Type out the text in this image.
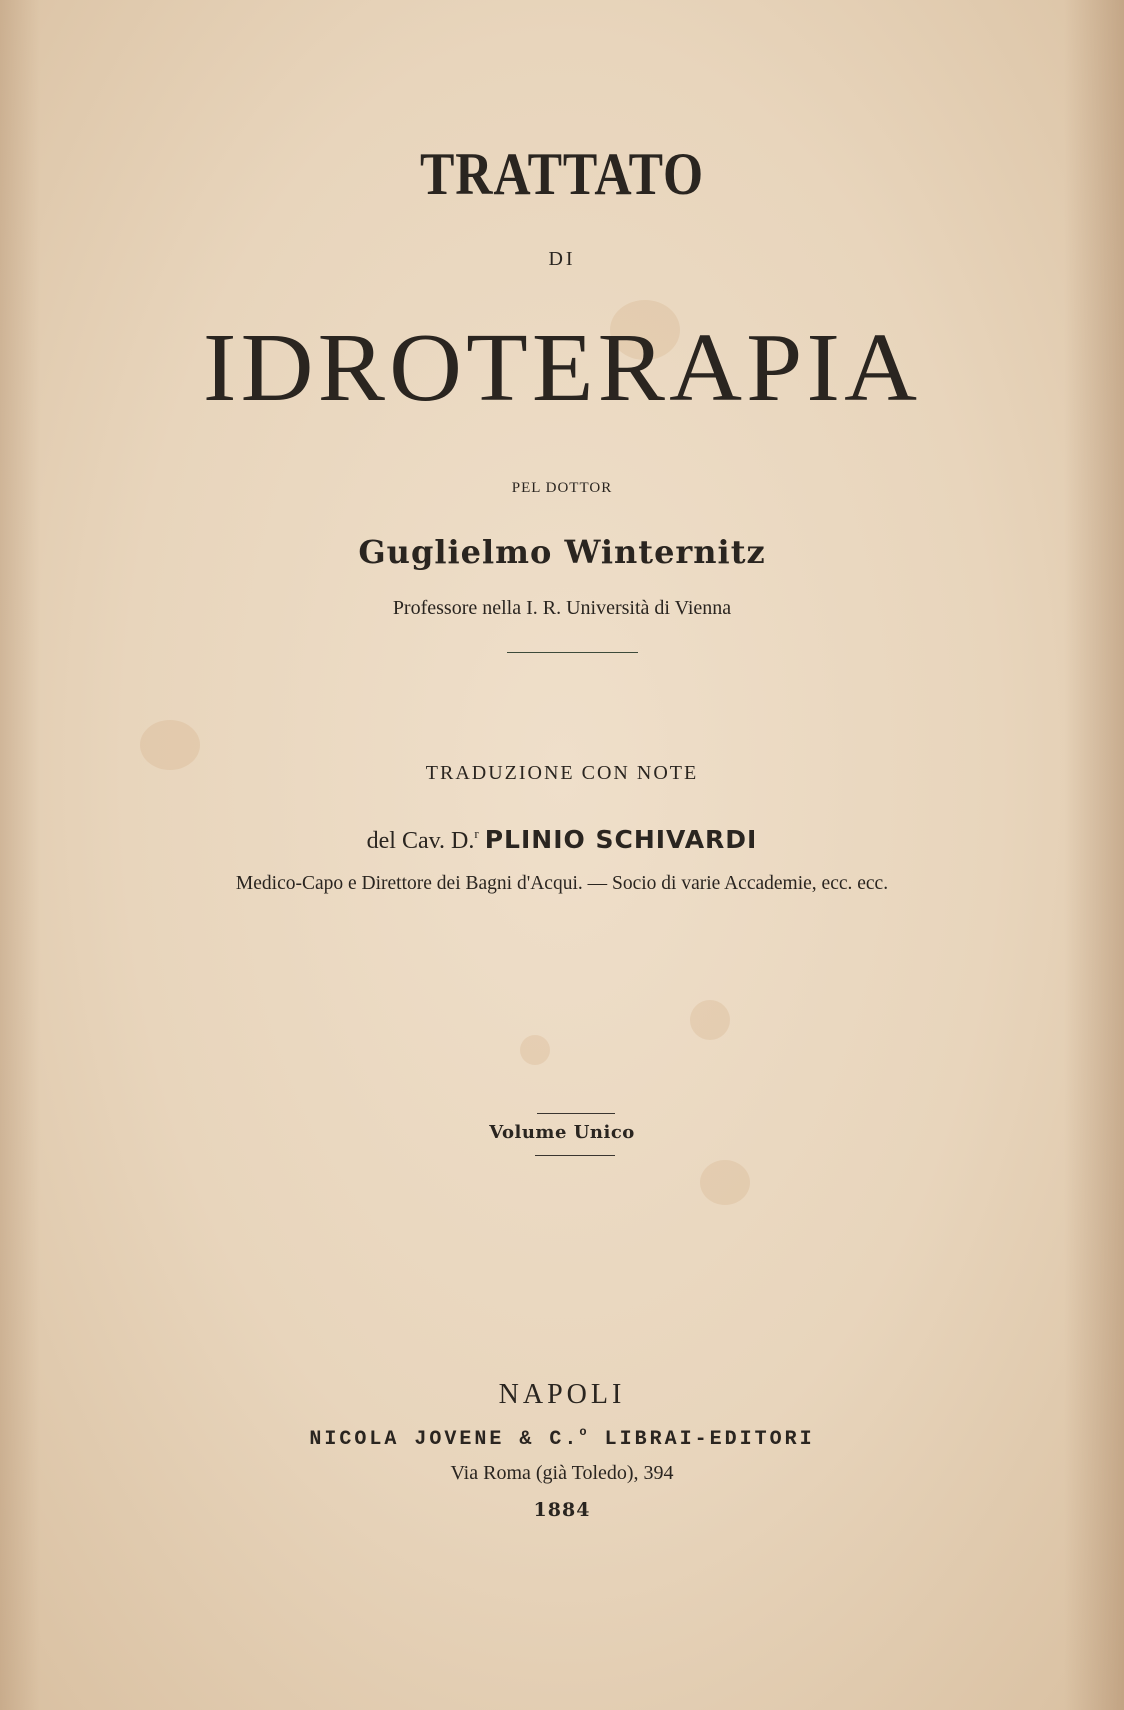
TRATTATO
DI
IDROTERAPIA
PEL DOTTOR
Guglielmo Winternitz
Professore nella I. R. Università di Vienna
TRADUZIONE CON NOTE
del Cav. D.$^r$ PLINIO SCHIVARDI
Medico-Capo e Direttore dei Bagni d'Acqui. — Socio di varie Accademie, ecc. ecc.
Volume Unico
NAPOLI
NICOLA JOVENE & C.$^o$ LIBRAI-EDITORI
Via Roma (già Toledo), 394
1884
